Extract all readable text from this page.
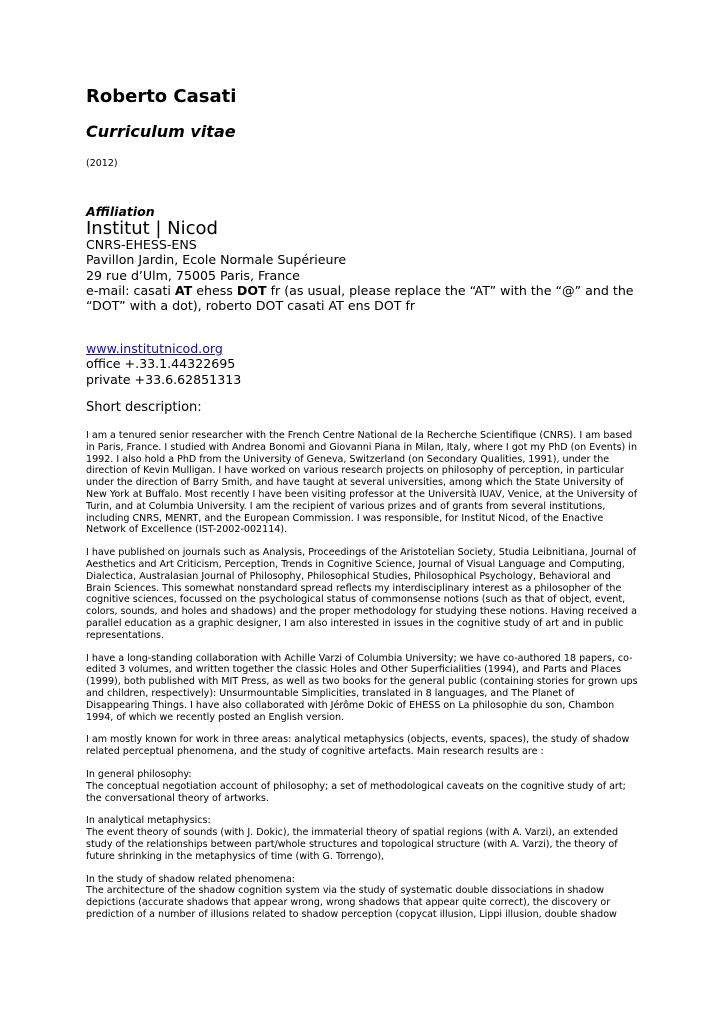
Roberto Casati
Curriculum vitae

(2012)

Affiliation

Institut | Nicod

CNRS-EHESS-ENS
Pavillon Jardin, Ecole Normale Supérieure
29 rue d’Ulm, 75005 Paris, France
e-mail: casati AT ehess DOT fr (as usual, please replace the “AT” with the “@” and the
“DOT” with a dot), roberto DOT casati AT ens DOT fr
www.institutnicod.org
office +.33.1.44322695
private +33.6.62851313

Short description:

I am a tenured senior researcher with the French Centre National de la Recherche Scientifique (CNRS). I am based in Paris, France. I studied with Andrea Bonomi and Giovanni Piana in Milan, Italy, where I got my PhD (on Events) in 1992. I also hold a PhD from the University of Geneva, Switzerland (on Secondary Qualities, 1991), under the direction of Kevin Mulligan. I have worked on various research projects on philosophy of perception, in particular under the direction of Barry Smith, and have taught at several universities, among which the State University of New York at Buffalo. Most recently I have been visiting professor at the Università IUAV, Venice, at the University of Turin, and at Columbia University. I am the recipient of various prizes and of grants from several institutions, including CNRS, MENRT, and the European Commission. I was responsible, for Institut Nicod, of the Enactive Network of Excellence (IST-2002-002114).

I have published on journals such as Analysis, Proceedings of the Aristotelian Society, Studia Leibnitiana, Journal of Aesthetics and Art Criticism, Perception, Trends in Cognitive Science, Journal of Visual Language and Computing, Dialectica, Australasian Journal of Philosophy, Philosophical Studies, Philosophical Psychology, Behavioral and Brain Sciences. This somewhat nonstandard spread reflects my interdisciplinary interest as a philosopher of the cognitive sciences, focussed on the psychological status of commonsense notions (such as that of object, event, colors, sounds, and holes and shadows) and the proper methodology for studying these notions. Having received a parallel education as a graphic designer, I am also interested in issues in the cognitive study of art and in public representations.

I have a long-standing collaboration with Achille Varzi of Columbia University; we have co-authored 18 papers, co-edited 3 volumes, and written together the classic Holes and Other Superficialities (1994), and Parts and Places (1999), both published with MIT Press, as well as two books for the general public (containing stories for grown ups and children, respectively): Unsurmountable Simplicities, translated in 8 languages, and The Planet of Disappearing Things. I have also collaborated with Jérôme Dokic of EHESS on La philosophie du son, Chambon 1994, of which we recently posted an English version.

I am mostly known for work in three areas: analytical metaphysics (objects, events, spaces), the study of shadow related perceptual phenomena, and the study of cognitive artefacts. Main research results are :

In general philosophy:
The conceptual negotiation account of philosophy; a set of methodological caveats on the cognitive study of art; the conversational theory of artworks.
In analytical metaphysics:
The event theory of sounds (with J. Dokic), the immaterial theory of spatial regions (with A. Varzi), an extended study of the relationships between part/whole structures and topological structure (with A. Varzi), the theory of future shrinking in the metaphysics of time (with G. Torrengo),
In the study of shadow related phenomena:
The architecture of the shadow cognition system via the study of systematic double dissociations in shadow depictions (accurate shadows that appear wrong, wrong shadows that appear quite correct), the discovery or prediction of a number of illusions related to shadow perception (copycat illusion, Lippi illusion, double shadow
